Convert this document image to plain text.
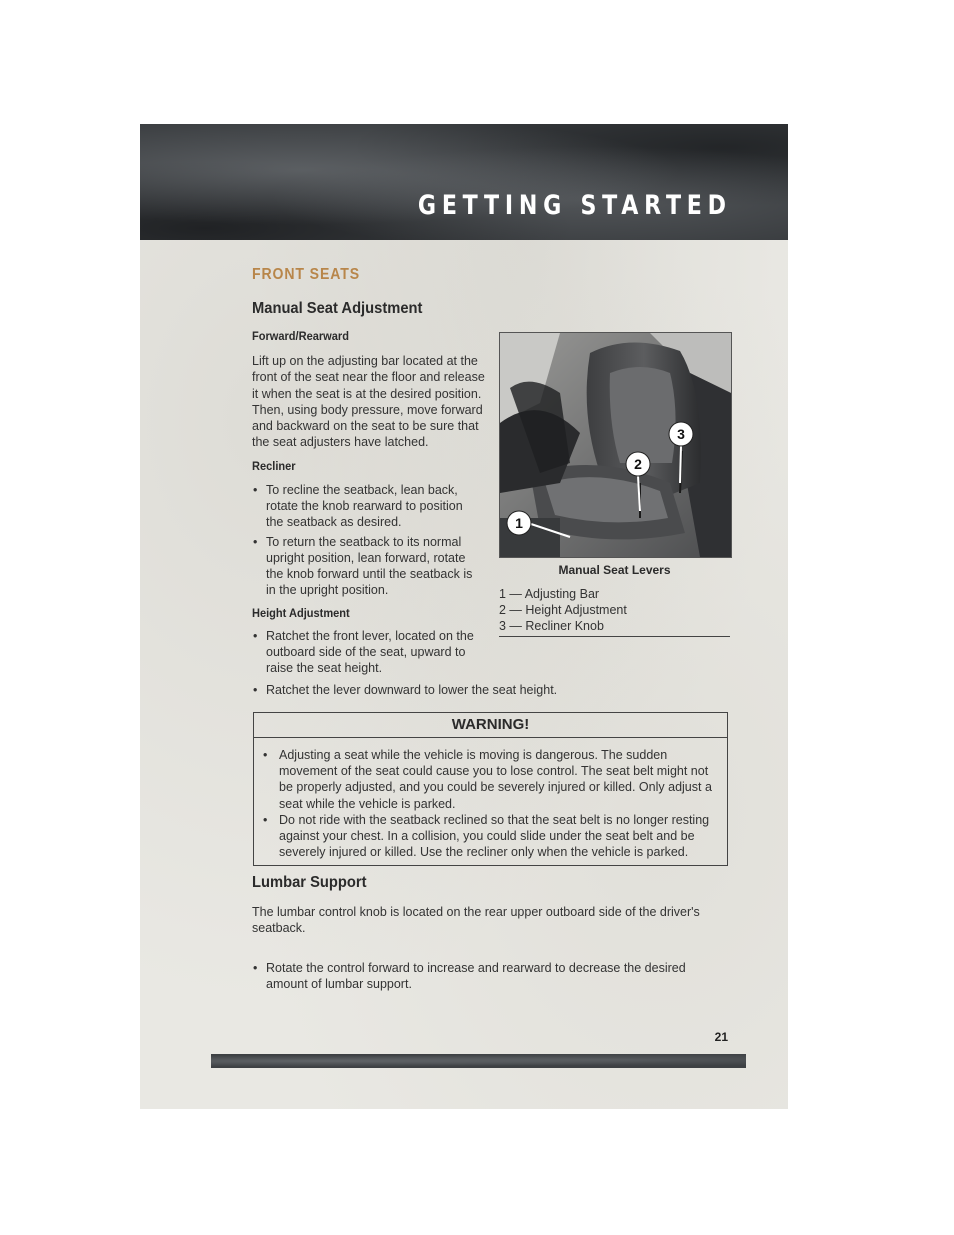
GETTING STARTED
FRONT SEATS
Manual Seat Adjustment
Forward/Rearward
Lift up on the adjusting bar located at the
front of the seat near the floor and release
it when the seat is at the desired position.
Then, using body pressure, move forward
and backward on the seat to be sure that
the seat adjusters have latched.
Recliner
• To recline the seatback, lean back,
rotate the knob rearward to position
the seatback as desired.
• To return the seatback to its normal
upright position, lean forward, rotate
the knob forward until the seatback is
in the upright position.
Height Adjustment
• Ratchet the front lever, located on the
outboard side of the seat, upward to
raise the seat height.
• Ratchet the lever downward to lower the seat height.
1
2
3
Manual Seat Levers
1 — Adjusting Bar
2 — Height Adjustment
3 — Recliner Knob
WARNING!
• Adjusting a seat while the vehicle is moving is dangerous. The sudden
movement of the seat could cause you to lose control. The seat belt might not
be properly adjusted, and you could be severely injured or killed. Only adjust a
seat while the vehicle is parked.
• Do not ride with the seatback reclined so that the seat belt is no longer resting
against your chest. In a collision, you could slide under the seat belt and be
severely injured or killed. Use the recliner only when the vehicle is parked.
Lumbar Support
The lumbar control knob is located on the rear upper outboard side of the driver's
seatback.
• Rotate the control forward to increase and rearward to decrease the desired
amount of lumbar support.
21
